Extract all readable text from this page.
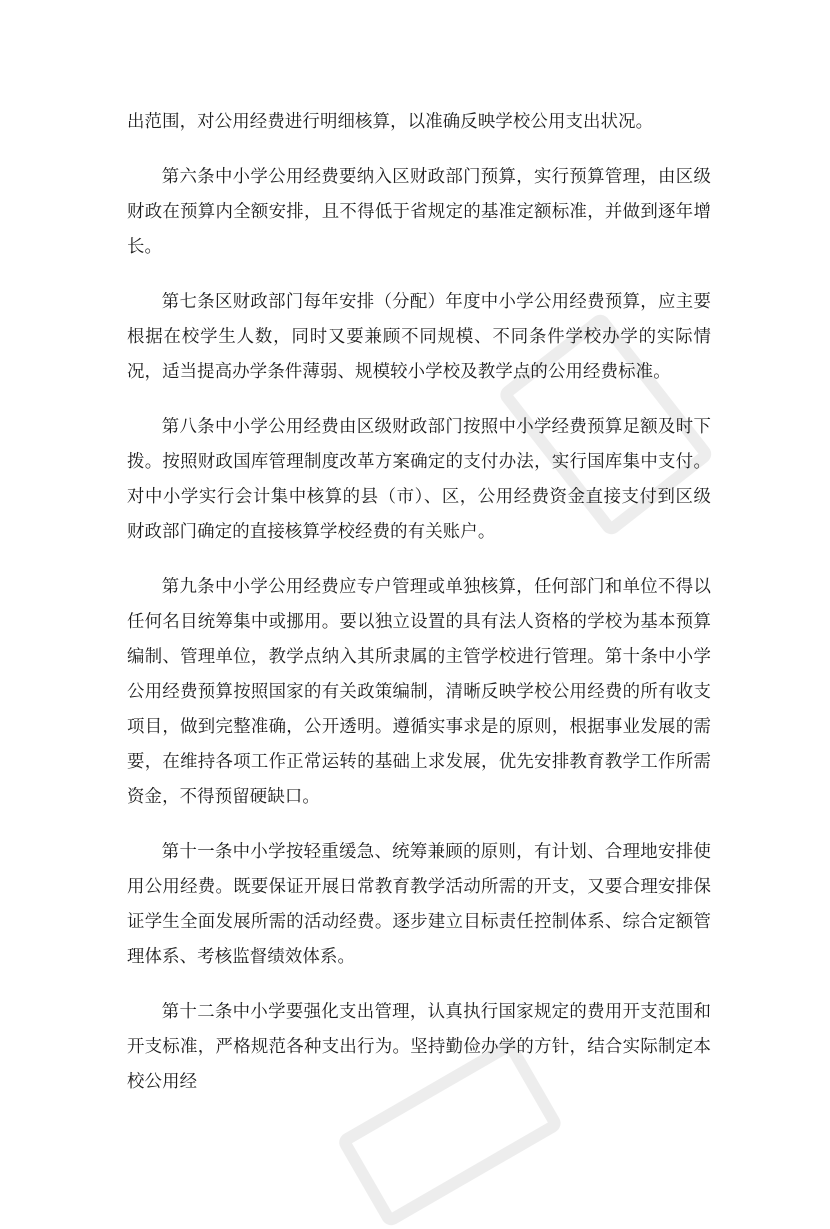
出范围，对公用经费进行明细核算，以准确反映学校公用支出状况。

第六条中小学公用经费要纳入区财政部门预算，实行预算管理，由区级财政在预算内全额安排，且不得低于省规定的基准定额标准，并做到逐年增长。

第七条区财政部门每年安排（分配）年度中小学公用经费预算，应主要根据在校学生人数，同时又要兼顾不同规模、不同条件学校办学的实际情况，适当提高办学条件薄弱、规模较小学校及教学点的公用经费标准。

第八条中小学公用经费由区级财政部门按照中小学经费预算足额及时下拨。按照财政国库管理制度改革方案确定的支付办法，实行国库集中支付。对中小学实行会计集中核算的县（市）、区，公用经费资金直接支付到区级财政部门确定的直接核算学校经费的有关账户。

第九条中小学公用经费应专户管理或单独核算，任何部门和单位不得以任何名目统筹集中或挪用。要以独立设置的具有法人资格的学校为基本预算编制、管理单位，教学点纳入其所隶属的主管学校进行管理。第十条中小学公用经费预算按照国家的有关政策编制，清晰反映学校公用经费的所有收支项目，做到完整准确，公开透明。遵循实事求是的原则，根据事业发展的需要，在维持各项工作正常运转的基础上求发展，优先安排教育教学工作所需资金，不得预留硬缺口。

第十一条中小学按轻重缓急、统筹兼顾的原则，有计划、合理地安排使用公用经费。既要保证开展日常教育教学活动所需的开支，又要合理安排保证学生全面发展所需的活动经费。逐步建立目标责任控制体系、综合定额管理体系、考核监督绩效体系。

第十二条中小学要强化支出管理，认真执行国家规定的费用开支范围和开支标准，严格规范各种支出行为。坚持勤俭办学的方针，结合实际制定本校公用经
